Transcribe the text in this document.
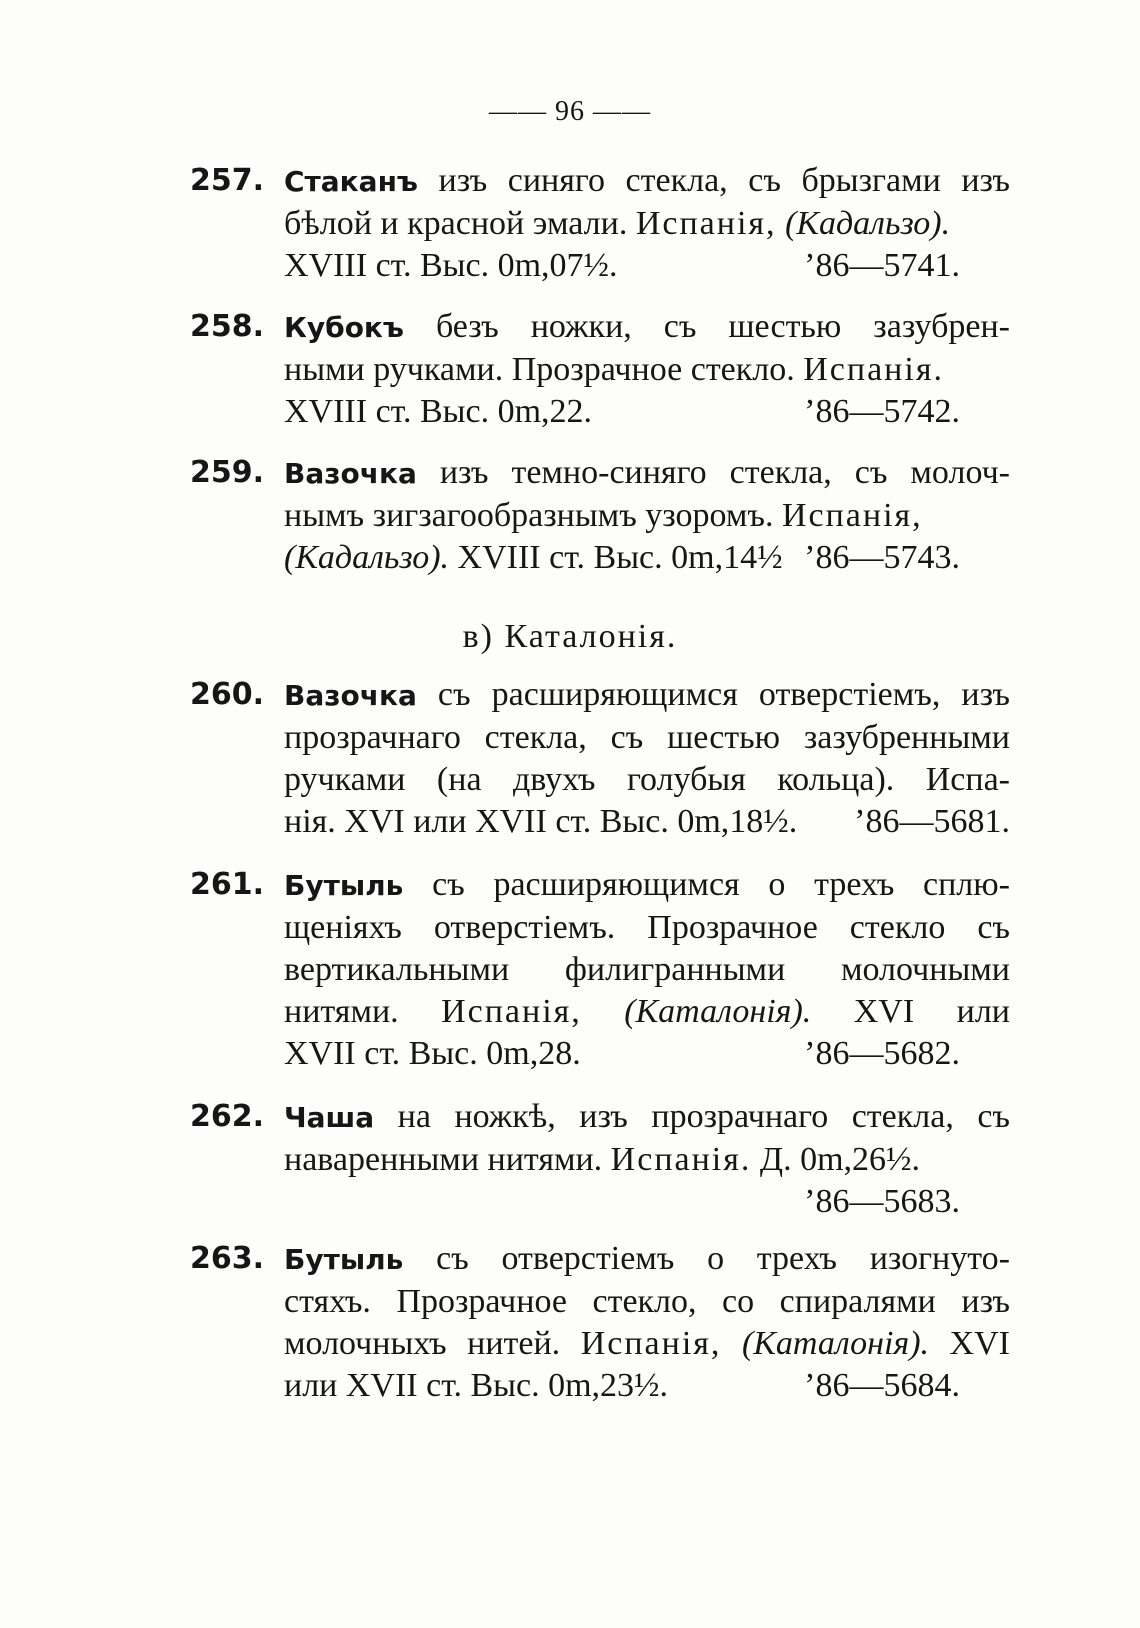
—— 96 ——
257. Стаканъ изъ синяго стекла, съ брызгами изъ
бѣлой и красной эмали. Испанія, (Кадальзо).
XVIII ст. Выс. 0m,07½.	’86—5741.
258. Кубокъ безъ ножки, съ шестью зазубрен-
ными ручками. Прозрачное стекло. Испанія.
XVIII ст. Выс. 0m,22.	’86—5742.
259. Вазочка изъ темно-синяго стекла, съ молоч-
нымъ зигзагообразнымъ узоромъ. Испанія,
(Кадальзо). XVIII ст. Выс. 0m,14½ ’86—5743.
в) Каталонія.
260. Вазочка съ расширяющимся отверстіемъ, изъ
прозрачнаго стекла, съ шестью зазубренными
ручками (на двухъ голубыя кольца). Испа-
нія. XVI или XVII ст. Выс. 0m,18½. ’86—5681.
261. Бутыль съ расширяющимся о трехъ сплю-
щеніяхъ отверстіемъ. Прозрачное стекло съ
вертикальными филигранными молочными
нитями. Испанія, (Каталонія). XVI или
XVII ст. Выс. 0m,28.	’86—5682.
262. Чаша на ножкѣ, изъ прозрачнаго стекла, съ
наваренными нитями. Испанія. Д. 0m,26½.

’86—5683.
263. Бутыль съ отверстіемъ о трехъ изогнуто-
стяхъ. Прозрачное стекло, со спиралями изъ
молочныхъ нитей. Испанія, (Каталонія). XVI
или XVII ст. Выс. 0m,23½.	’86—5684.
